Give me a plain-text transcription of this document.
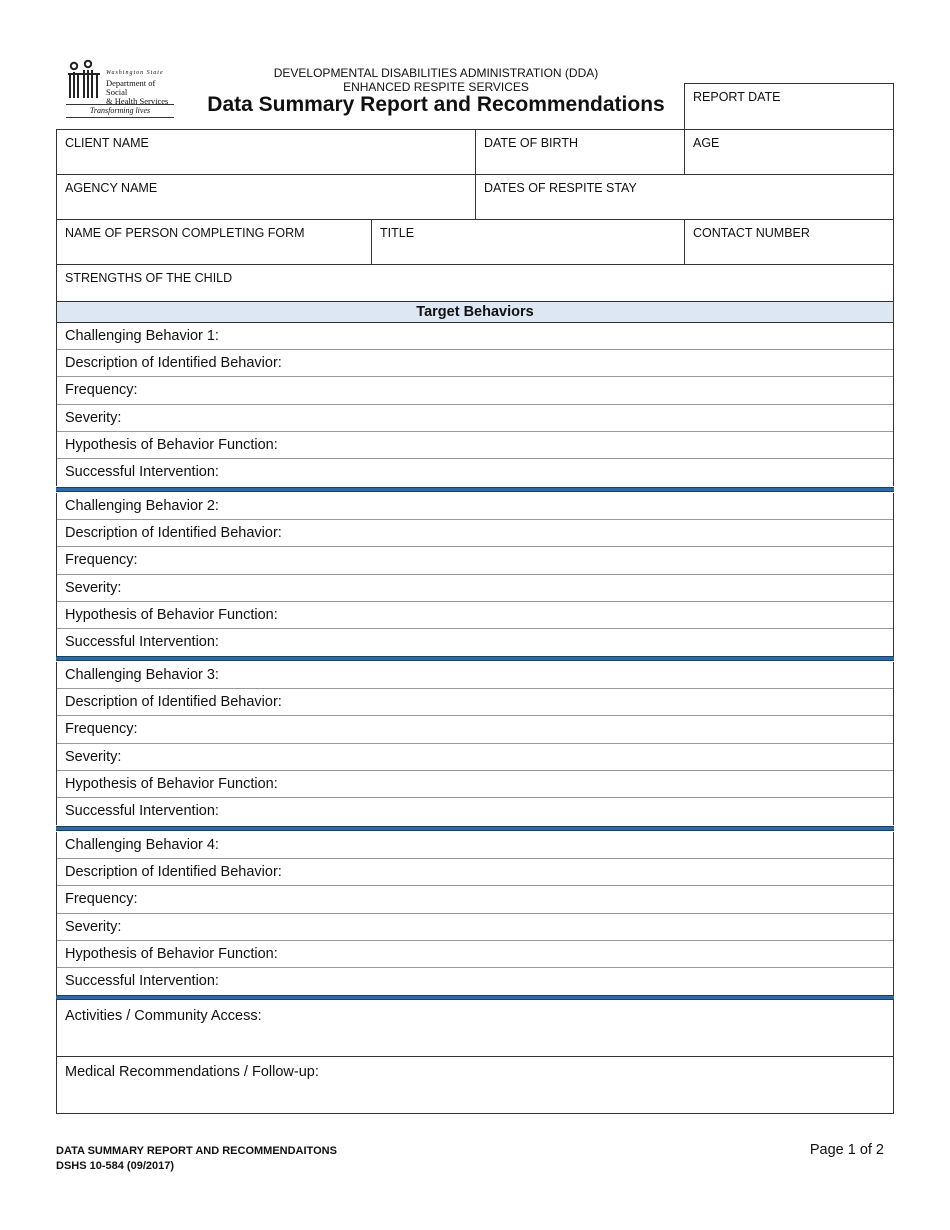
Washington State
Department of Social
& Health Services
Transforming lives
DEVELOPMENTAL DISABILITIES ADMINISTRATION (DDA)
ENHANCED RESPITE SERVICES
Data Summary Report and Recommendations	REPORT DATE
CLIENT NAME	DATE OF BIRTH	AGE
AGENCY NAME	DATES OF RESPITE STAY
NAME OF PERSON COMPLETING FORM	TITLE	CONTACT NUMBER
STRENGTHS OF THE CHILD
Target Behaviors
Challenging Behavior 1:
Description of Identified Behavior:
Frequency:
Severity:
Hypothesis of Behavior Function:
Successful Intervention:
Challenging Behavior 2:
Description of Identified Behavior:
Frequency:
Severity:
Hypothesis of Behavior Function:
Successful Intervention:
Challenging Behavior 3:
Description of Identified Behavior:
Frequency:
Severity:
Hypothesis of Behavior Function:
Successful Intervention:
Challenging Behavior 4:
Description of Identified Behavior:
Frequency:
Severity:
Hypothesis of Behavior Function:
Successful Intervention:
Activities / Community Access:
Medical Recommendations / Follow-up:
DATA SUMMARY REPORT AND RECOMMENDAITONS
DSHS 10-584 (09/2017)
Page 1 of 2
